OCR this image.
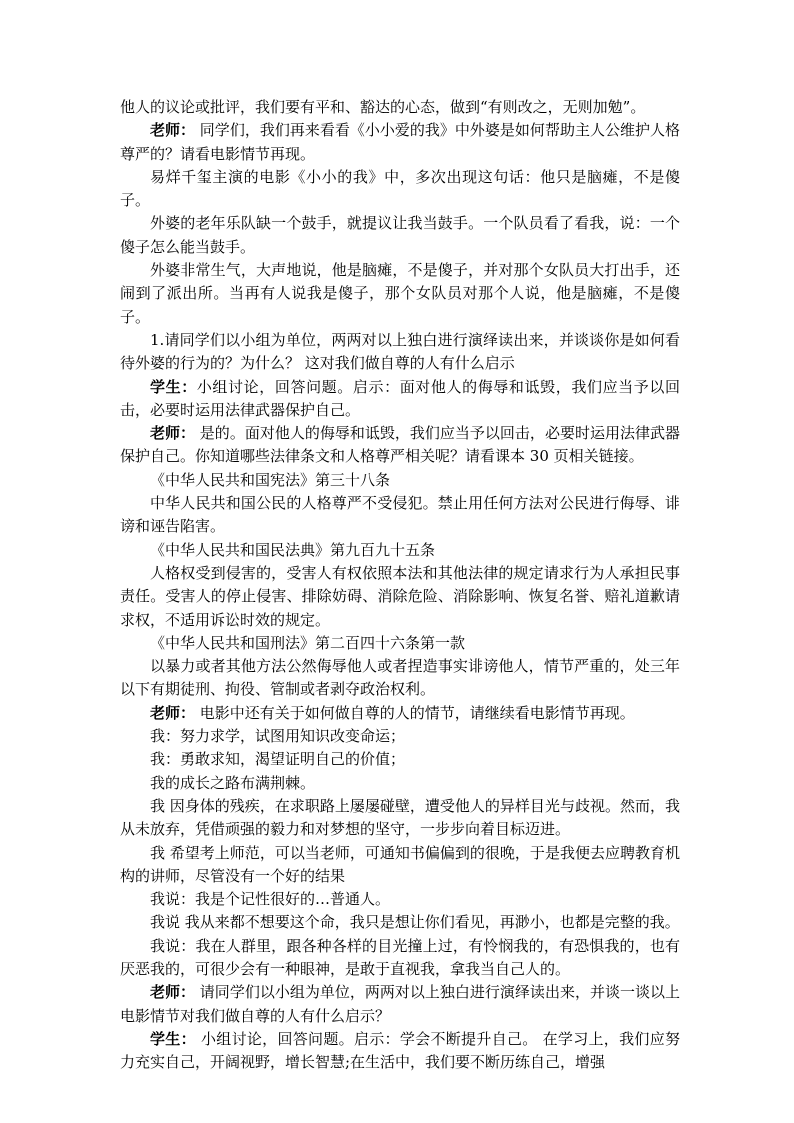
他人的议论或批评，我们要有平和、豁达的心态，做到“有则改之，无则加勉”。

老师： 同学们，我们再来看看《小小爱的我》中外婆是如何帮助主人公维护人格尊严的？请看电影情节再现。

易烊千玺主演的电影《小小的我》中，多次出现这句话：他只是脑瘫，不是傻子。

外婆的老年乐队缺一个鼓手，就提议让我当鼓手。一个队员看了看我，说：一个傻子怎么能当鼓手。

外婆非常生气，大声地说，他是脑瘫，不是傻子，并对那个女队员大打出手，还闹到了派出所。当再有人说我是傻子，那个女队员对那个人说，他是脑瘫，不是傻子。

1.请同学们以小组为单位，两两对以上独白进行演绎读出来，并谈谈你是如何看待外婆的行为的？为什么？ 这对我们做自尊的人有什么启示

学生：小组讨论，回答问题。启示：面对他人的侮辱和诋毁，我们应当予以回击，必要时运用法律武器保护自己。

老师： 是的。面对他人的侮辱和诋毁，我们应当予以回击，必要时运用法律武器保护自己。你知道哪些法律条文和人格尊严相关呢？请看课本 30 页相关链接。

《中华人民共和国宪法》第三十八条

中华人民共和国公民的人格尊严不受侵犯。禁止用任何方法对公民进行侮辱、诽谤和诬告陷害。

《中华人民共和国民法典》第九百九十五条

人格权受到侵害的，受害人有权依照本法和其他法律的规定请求行为人承担民事责任。受害人的停止侵害、排除妨碍、消除危险、消除影响、恢复名誉、赔礼道歉请求权，不适用诉讼时效的规定。

《中华人民共和国刑法》第二百四十六条第一款

以暴力或者其他方法公然侮辱他人或者捏造事实诽谤他人，情节严重的，处三年以下有期徒刑、拘役、管制或者剥夺政治权利。

老师： 电影中还有关于如何做自尊的人的情节，请继续看电影情节再现。

我：努力求学，试图用知识改变命运；

我：勇敢求知，渴望证明自己的价值；

我的成长之路布满荆棘。

我 因身体的残疾，在求职路上屡屡碰壁，遭受他人的异样目光与歧视。然而，我从未放弃，凭借顽强的毅力和对梦想的坚守，一步步向着目标迈进。

我 希望考上师范，可以当老师，可通知书偏偏到的很晚，于是我便去应聘教育机构的讲师，尽管没有一个好的结果

我说：我是个记性很好的…普通人。

我说 我从来都不想要这个命，我只是想让你们看见，再渺小，也都是完整的我。

我说：我在人群里，跟各种各样的目光撞上过，有怜悯我的，有恐惧我的，也有厌恶我的，可很少会有一种眼神，是敢于直视我，拿我当自己人的。

老师： 请同学们以小组为单位，两两对以上独白进行演绎读出来，并谈一谈以上电影情节对我们做自尊的人有什么启示？

学生： 小组讨论，回答问题。启示：学会不断提升自己。 在学习上，我们应努力充实自己，开阔视野，增长智慧;在生活中，我们要不断历练自己，增强
